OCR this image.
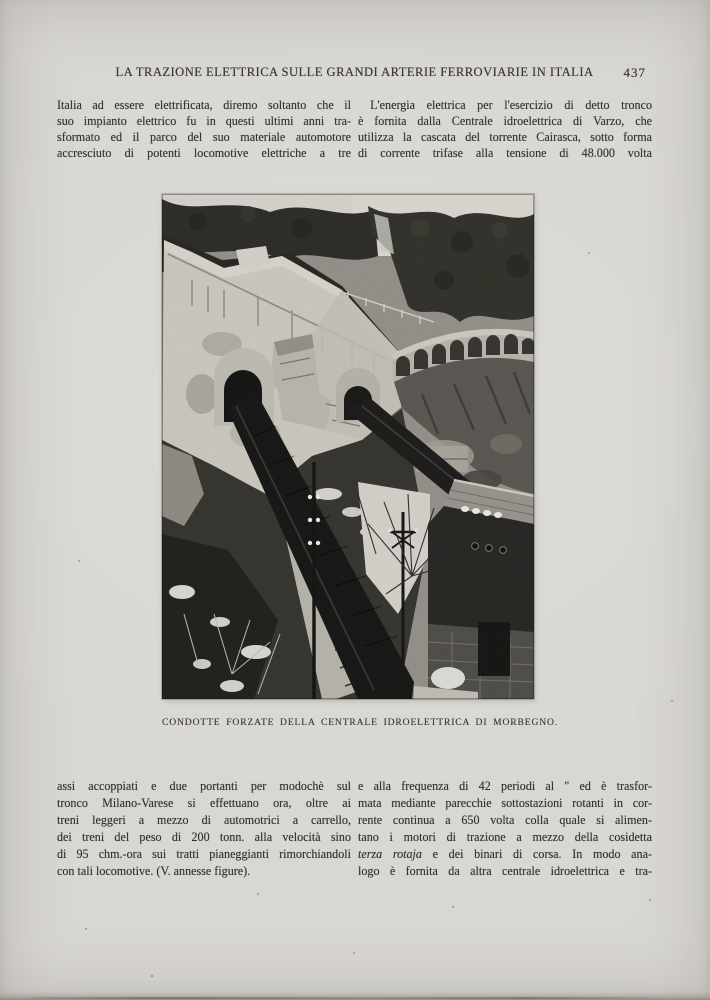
LA TRAZIONE ELETTRICA SULLE GRANDI ARTERIE FERROVIARIE IN ITALIA 437
Italia ad essere elettrificata, diremo soltanto che il
suo impianto elettrico fu in questi ultimi anni tra-
sformato ed il parco del suo materiale automotore
accresciuto di potenti locomotive elettriche a tre
 L'energia elettrica per l'esercizio di detto tronco
è fornita dalla Centrale idroelettrica di Varzo, che
utilizza la cascata del torrente Cairasca, sotto forma
di corrente trifase alla tensione di 48.000 volta
CONDOTTE FORZATE DELLA CENTRALE IDROELETTRICA DI MORBEGNO.
assi accoppiati e due portanti per modochè sul
tronco Milano-Varese si effettuano ora, oltre ai
treni leggeri a mezzo di automotrici a carrello,
dei treni del peso di 200 tonn. alla velocità sino
di 95 chm.-ora sui tratti pianeggianti rimorchiandoli
con tali locomotive. (V. annesse figure).
e alla frequenza di 42 periodi al " ed è trasfor-
mata mediante parecchie sottostazioni rotanti in cor-
rente continua a 650 volta colla quale si alimen-
tano i motori di trazione a mezzo della cosidetta
terza rotaja e dei binari di corsa. In modo ana-
logo è fornita da altra centrale idroelettrica e tra-
